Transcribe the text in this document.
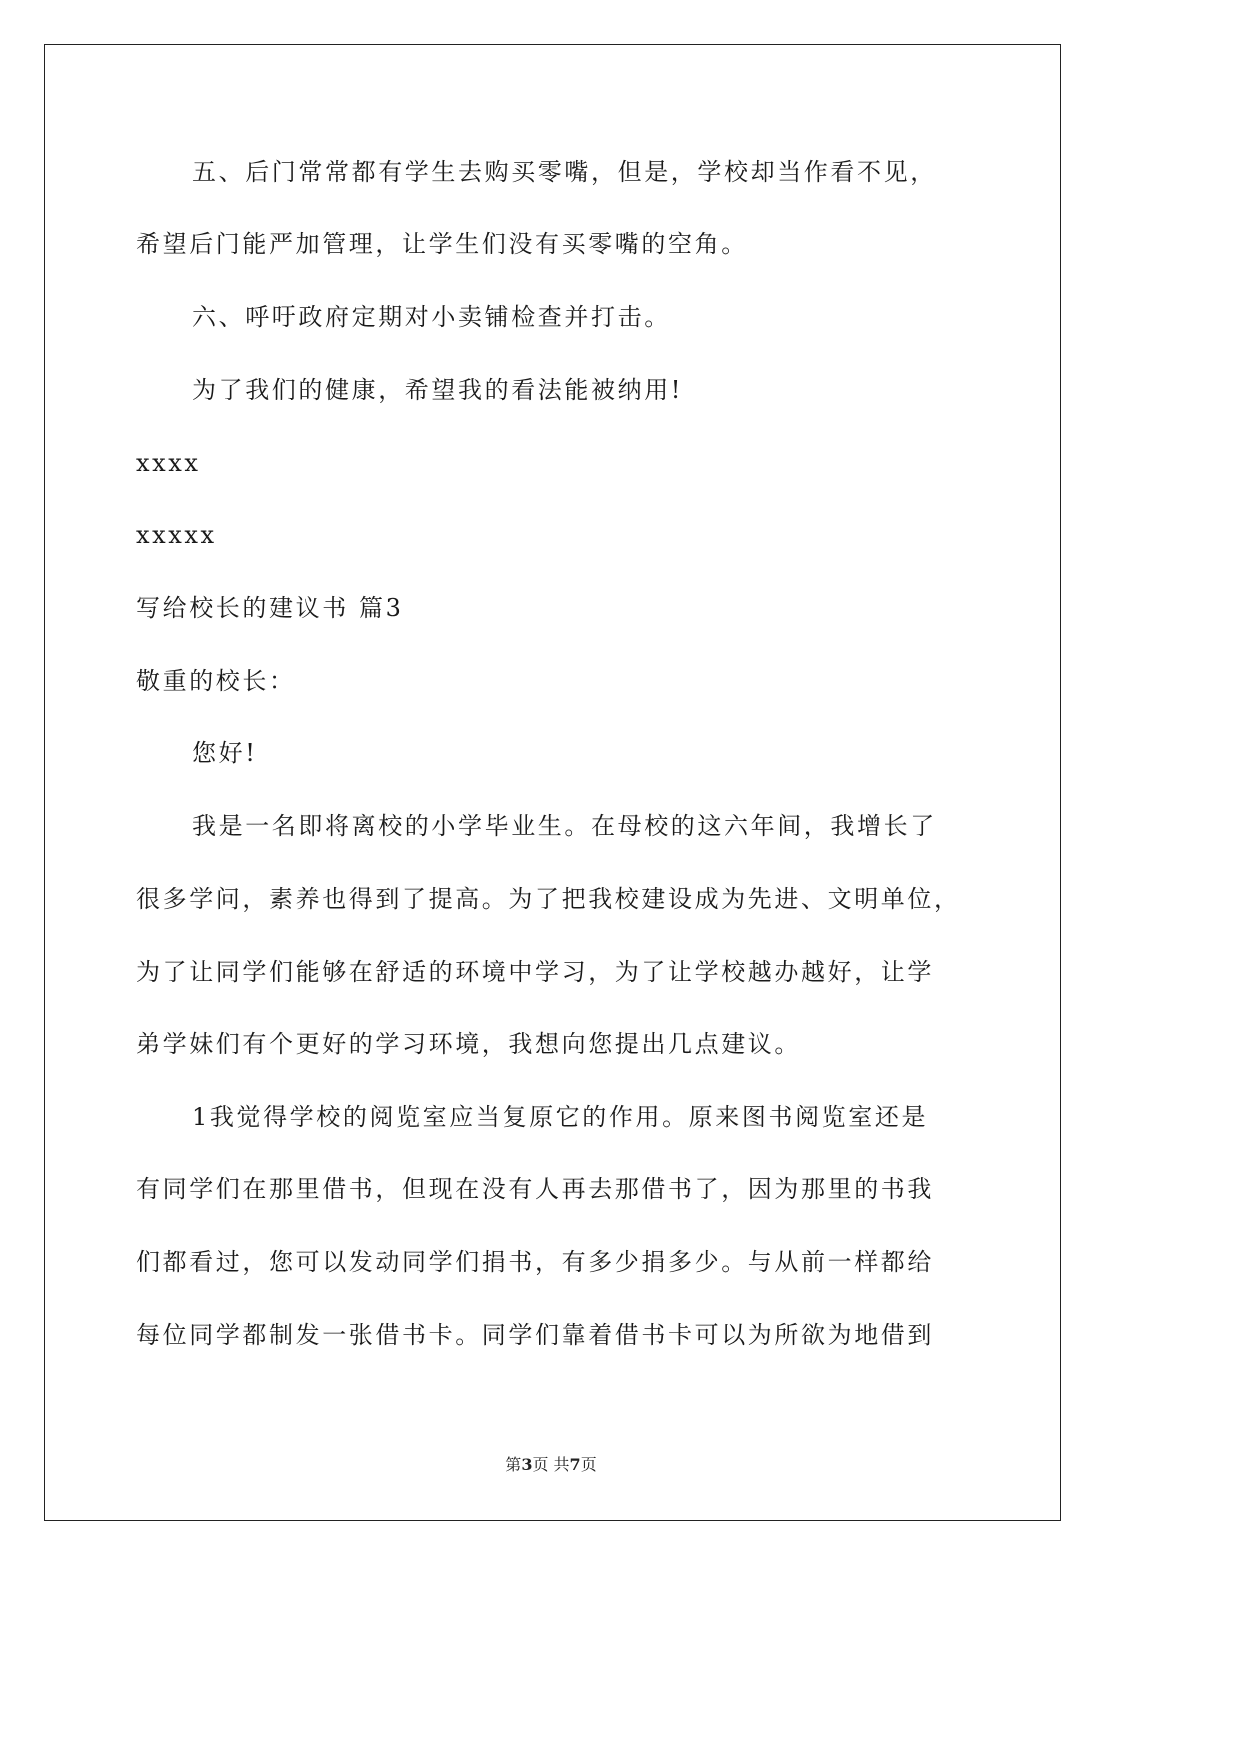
五、后门常常都有学生去购买零嘴，但是，学校却当作看不见，
希望后门能严加管理，让学生们没有买零嘴的空角。
六、呼吁政府定期对小卖铺检查并打击。
为了我们的健康，希望我的看法能被纳用!
xxxx
xxxxx
写给校长的建议书 篇3
敬重的校长：
您好!
我是一名即将离校的小学毕业生。在母校的这六年间，我增长了
很多学问，素养也得到了提高。为了把我校建设成为先进、文明单位，
为了让同学们能够在舒适的环境中学习，为了让学校越办越好，让学
弟学妹们有个更好的学习环境，我想向您提出几点建议。
1我觉得学校的阅览室应当复原它的作用。原来图书阅览室还是
有同学们在那里借书，但现在没有人再去那借书了，因为那里的书我
们都看过，您可以发动同学们捐书，有多少捐多少。与从前一样都给
每位同学都制发一张借书卡。同学们靠着借书卡可以为所欲为地借到
第3页 共7页
